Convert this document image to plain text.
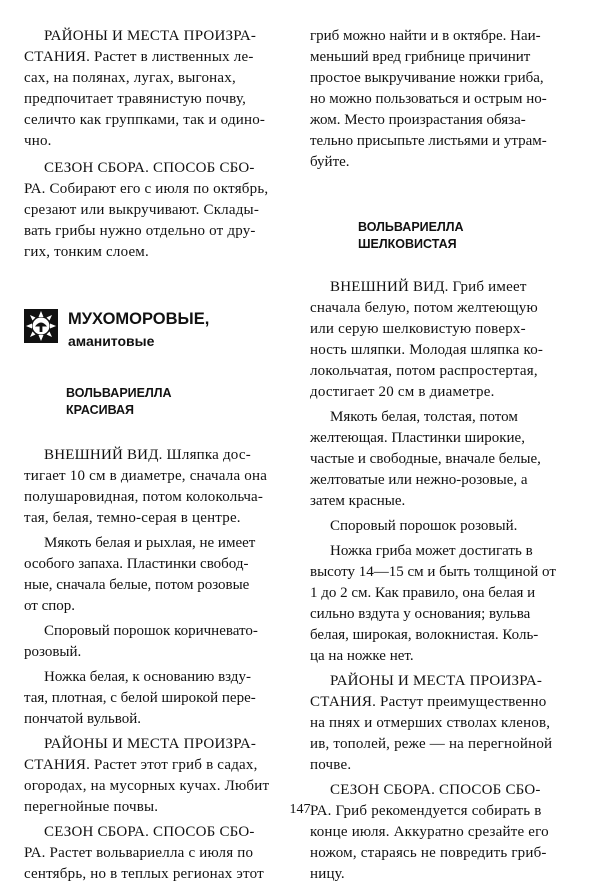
РАЙОНЫ И МЕСТА ПРОИЗРА-
СТАНИЯ. Растет в лиственных ле-
сах, на полянах, лугах, выгонах,
предпочитает травянистую почву,
селичто как группками, так и одино-
чно.

СЕЗОН СБОРА. СПОСОБ СБО-
РА. Собирают его с июля по октябрь,
срезают или выкручивают. Склады-
вать грибы нужно отдельно от дру-
гих, тонким слоем.

МУХОМОРОВЫЕ,
аманитовые
ВОЛЬВАРИЕЛЛА
КРАСИВАЯ

ВНЕШНИЙ ВИД. Шляпка дос-
тигает 10 см в диаметре, сначала она
полушаровидная, потом колокольча-
тая, белая, темно-серая в центре.

Мякоть белая и рыхлая, не имеет
особого запаха. Пластинки свобод-
ные, сначала белые, потом розовые
от спор.

Споровый порошок коричневато-
розовый.

Ножка белая, к основанию взду-
тая, плотная, с белой широкой пере-
пончатой вульвой.

РАЙОНЫ И МЕСТА ПРОИЗРА-
СТАНИЯ. Растет этот гриб в садах,
огородах, на мусорных кучах. Любит
перегнойные почвы.

СЕЗОН СБОРА. СПОСОБ СБО-
РА. Растет вольвариелла с июля по
сентябрь, но в теплых регионах этот

гриб можно найти и в октябре. Наи-
меньший вред грибнице причинит
простое выкручивание ножки гриба,
но можно пользоваться и острым но-
жом. Место произрастания обяза-
тельно присыпьте листьями и утрам-
буйте.

ВОЛЬВАРИЕЛЛА
ШЕЛКОВИСТАЯ

ВНЕШНИЙ ВИД. Гриб имеет
сначала белую, потом желтеющую
или серую шелковистую поверх-
ность шляпки. Молодая шляпка ко-
локольчатая, потом распростертая,
достигает 20 см в диаметре.

Мякоть белая, толстая, потом
желтеющая. Пластинки широкие,
частые и свободные, вначале белые,
желтоватые или нежно-розовые, а
затем красные.

Споровый порошок розовый.

Ножка гриба может достигать в
высоту 14—15 см и быть толщиной от
1 до 2 см. Как правило, она белая и
сильно вздута у основания; вульва
белая, широкая, волокнистая. Коль-
ца на ножке нет.

РАЙОНЫ И МЕСТА ПРОИЗРА-
СТАНИЯ. Растут преимущественно
на пнях и отмерших стволах кленов,
ив, тополей, реже — на перегнойной
почве.

СЕЗОН СБОРА. СПОСОБ СБО-
РА. Гриб рекомендуется собирать в
конце июля. Аккуратно срезайте его
ножом, стараясь не повредить гриб-
ницу.

147
